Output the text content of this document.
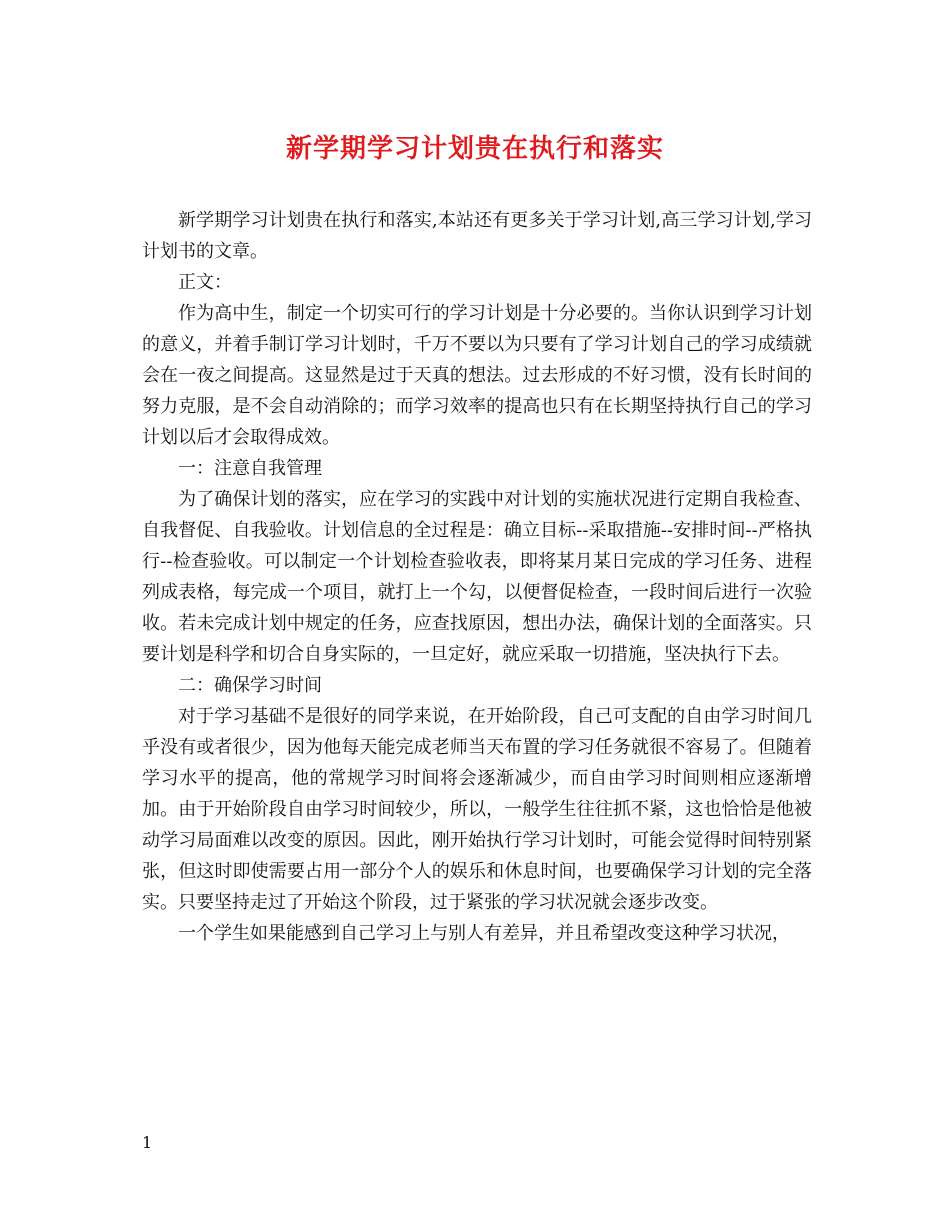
新学期学习计划贵在执行和落实

新学期学习计划贵在执行和落实,本站还有更多关于学习计划,高三学习计划,学习计划书的文章。

正文：

作为高中生，制定一个切实可行的学习计划是十分必要的。当你认识到学习计划的意义，并着手制订学习计划时，千万不要以为只要有了学习计划自己的学习成绩就会在一夜之间提高。这显然是过于天真的想法。过去形成的不好习惯，没有长时间的努力克服，是不会自动消除的；而学习效率的提高也只有在长期坚持执行自己的学习计划以后才会取得成效。

一：注意自我管理

为了确保计划的落实，应在学习的实践中对计划的实施状况进行定期自我检查、自我督促、自我验收。计划信息的全过程是：确立目标--采取措施--安排时间--严格执行--检查验收。可以制定一个计划检查验收表，即将某月某日完成的学习任务、进程列成表格，每完成一个项目，就打上一个勾，以便督促检查，一段时间后进行一次验收。若未完成计划中规定的任务，应查找原因，想出办法，确保计划的全面落实。只要计划是科学和切合自身实际的，一旦定好，就应采取一切措施，坚决执行下去。

二：确保学习时间

对于学习基础不是很好的同学来说，在开始阶段，自己可支配的自由学习时间几乎没有或者很少，因为他每天能完成老师当天布置的学习任务就很不容易了。但随着学习水平的提高，他的常规学习时间将会逐渐减少，而自由学习时间则相应逐渐增加。由于开始阶段自由学习时间较少，所以，一般学生往往抓不紧，这也恰恰是他被动学习局面难以改变的原因。因此，刚开始执行学习计划时，可能会觉得时间特别紧张，但这时即使需要占用一部分个人的娱乐和休息时间，也要确保学习计划的完全落实。只要坚持走过了开始这个阶段，过于紧张的学习状况就会逐步改变。

一个学生如果能感到自己学习上与别人有差异，并且希望改变这种学习状况，

1
